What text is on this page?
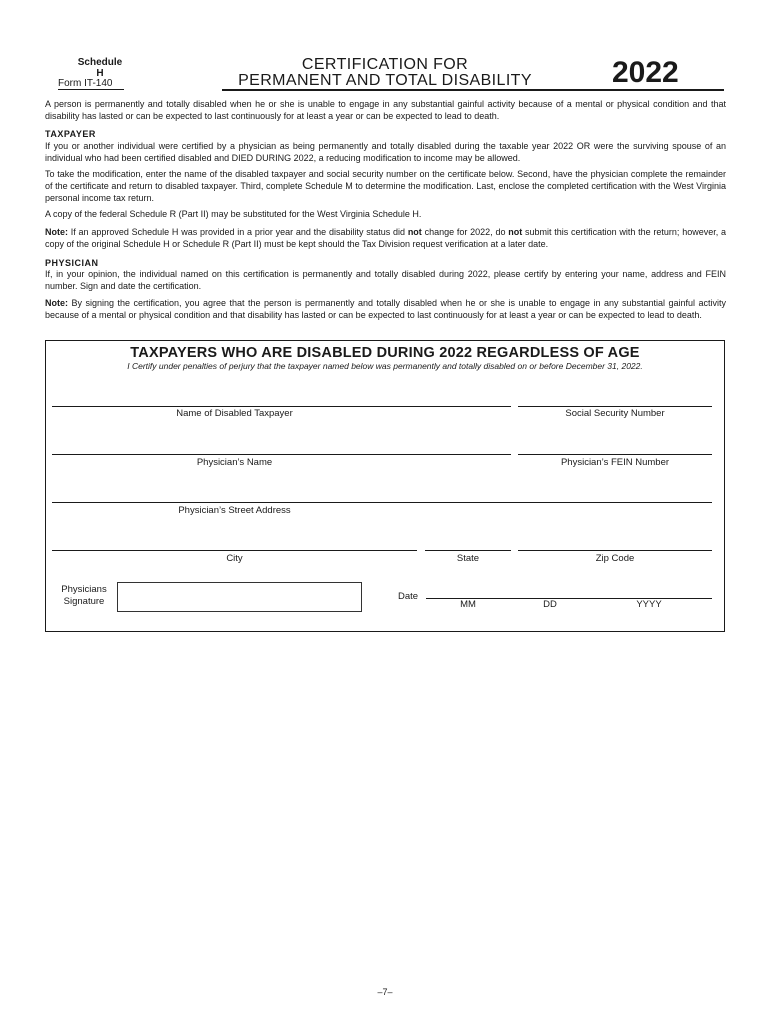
Schedule
H
Form IT-140
CERTIFICATION FOR
PERMANENT AND TOTAL DISABILITY	2022
A person is permanently and totally disabled when he or she is unable to engage in any substantial gainful activity because of a mental or physical condition and that disability has lasted or can be expected to last continuously for at least a year or can be expected to lead to death.
TAXPAYER
If you or another individual were certified by a physician as being permanently and totally disabled during the taxable year 2022 OR were the surviving spouse of an individual who had been certified disabled and DIED DURING 2022, a reducing modification to income may be allowed.
To take the modification, enter the name of the disabled taxpayer and social security number on the certificate below. Second, have the physician complete the remainder of the certificate and return to disabled taxpayer. Third, complete Schedule M to determine the modification. Last, enclose the completed certification with the West Virginia personal income tax return.
A copy of the federal Schedule R (Part II) may be substituted for the West Virginia Schedule H.
Note: If an approved Schedule H was provided in a prior year and the disability status did not change for 2022, do not submit this certification with the return; however, a copy of the original Schedule H or Schedule R (Part II) must be kept should the Tax Division request verification at a later date.
PHYSICIAN
If, in your opinion, the individual named on this certification is permanently and totally disabled during 2022, please certify by entering your name, address and FEIN number. Sign and date the certification.
Note: By signing the certification, you agree that the person is permanently and totally disabled when he or she is unable to engage in any substantial gainful activity because of a mental or physical condition and that disability has lasted or can be expected to last continuously for at least a year or can be expected to lead to death.
TAXPAYERS WHO ARE DISABLED DURING 2022 REGARDLESS OF AGE
I Certify under penalties of perjury that the taxpayer named below was permanently and totally disabled on or before December 31, 2022.
Name of Disabled Taxpayer	Social Security Number
Physician’s Name	Physician’s FEIN Number
Physician’s Street Address
City	State	Zip Code
Physicians
Signature	Date
MM	DD	YYYY
–7–
